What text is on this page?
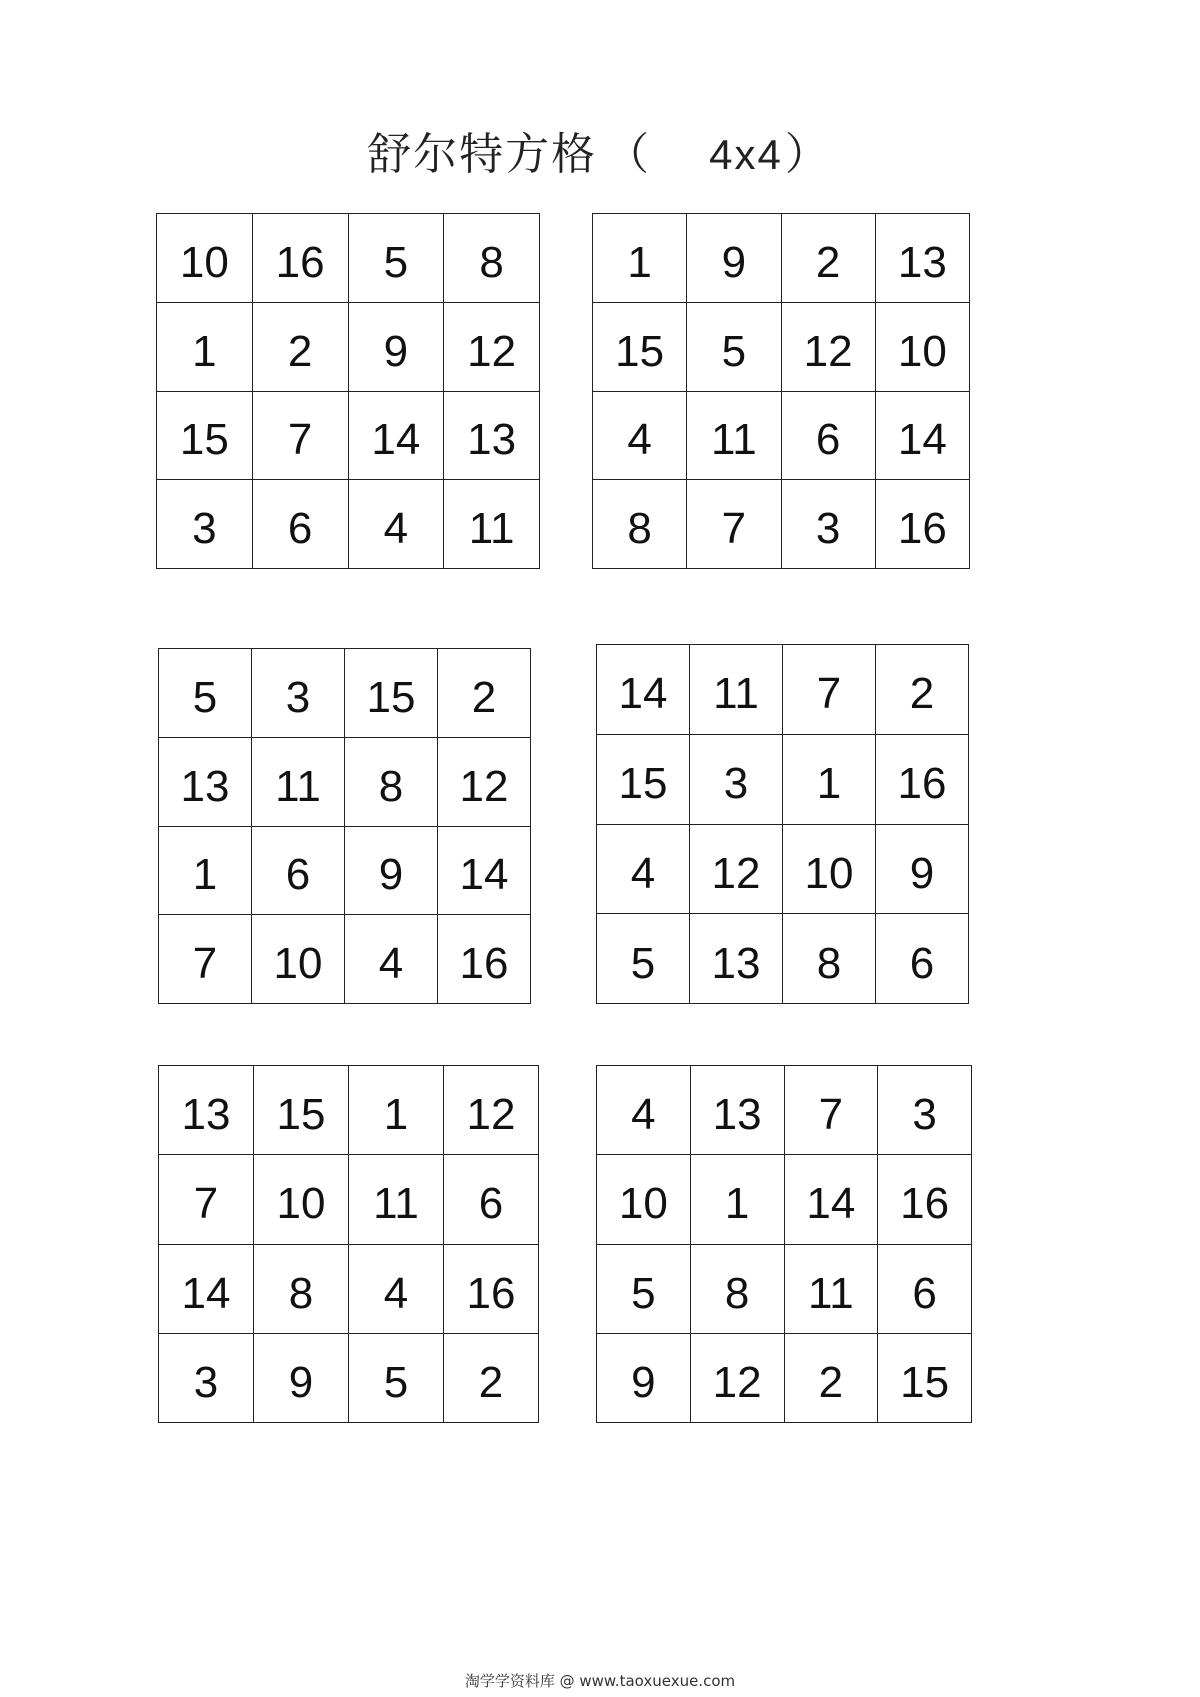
舒尔特方格 （ 4x4）
10	16	5	8
1	2	9	12
15	7	14	13
3	6	4	11
1	9	2	13
15	5	12	10
4	11	6	14
8	7	3	16
5	3	15	2
13	11	8	12
1	6	9	14
7	10	4	16
14	11	7	2
15	3	1	16
4	12	10	9
5	13	8	6
13	15	1	12
7	10	11	6
14	8	4	16
3	9	5	2
4	13	7	3
10	1	14	16
5	8	11	6
9	12	2	15
淘学学资料库 @ www.taoxuexue.com
